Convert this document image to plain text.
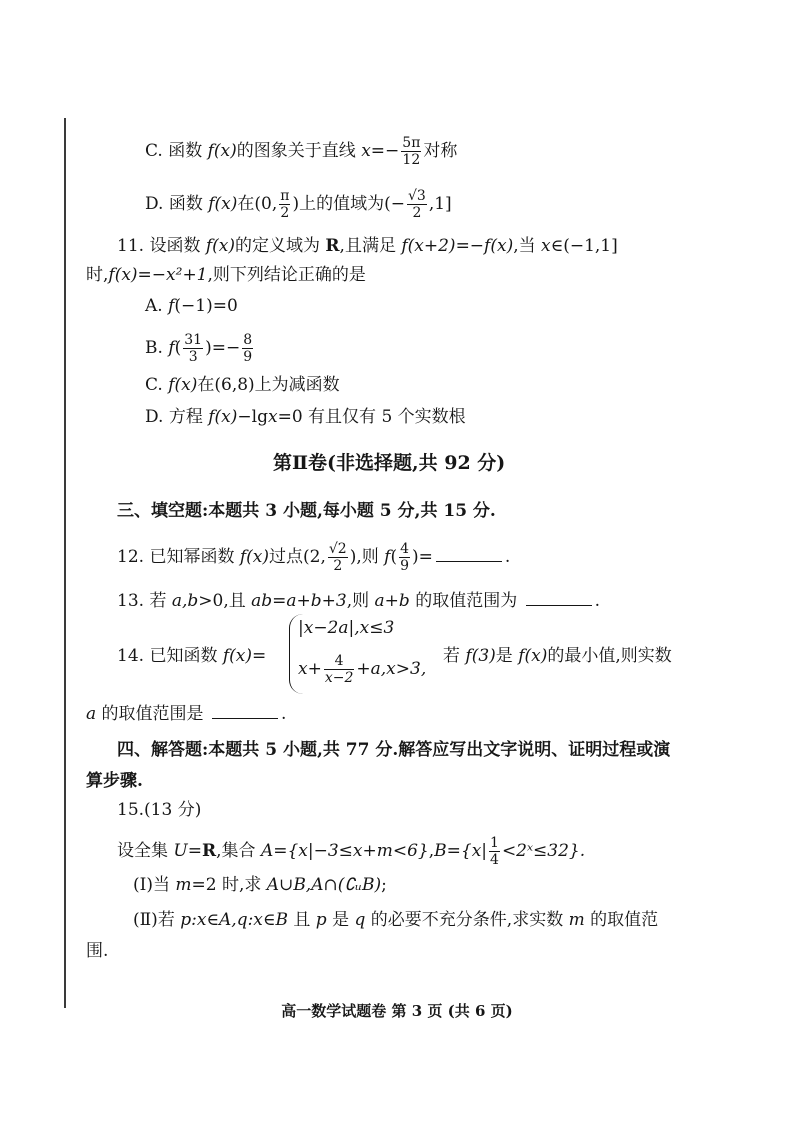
C. 函数 f(x)的图象关于直线 $x=- \frac{5\pi}{12}$ 对称
D. 函数 f(x)在(0, $\frac{\pi}{2}$ )上的值域为(− $\frac{√3}{2} ,1$]
11. 设函数 f(x)的定义域为 R,且满足 f(x+2)=−f(x),当 x∈(−1,1]
时,f(x)=−x²+1,则下列结论正确的是
A. f(−1)=0
B. $f( \frac{31}{3}$ )=− $\frac{8}{9}$
C. f(x)在(6,8)上为减函数
D. 方程 f(x)−lgx=0 有且仅有 5 个实数根
第Ⅱ卷(非选择题,共 92 分)
三、填空题:本题共 3 小题,每小题 5 分,共 15 分.
12. 已知幂函数 f(x)过点(2, $\frac{√2}{2}$ ),则 $f( \frac{4}{9}$ )=	.
13. 若 a,b>0,且 ab=a+b+3,则 a+b 的取值范围为	.
14. 已知函数 f(x)=
|x−2a|,x≤3
$x+ \frac{4}{x-2} +a,x>3$,
若 f(3)是 f(x)的最小值,则实数
a 的取值范围是	.
四、解答题:本题共 5 小题,共 77 分.解答应写出文字说明、证明过程或演
算步骤.
15.(13 分)
设全集 U=R,集合 $A=\{x|-3\le x+m<6\},B=\{x| \frac{1}{4}$ <2ˣ≤32}.
(Ⅰ)当 m=2 时,求 A∪B,A∩(∁ᵤB);
(Ⅱ)若 p:x∈A,q:x∈B 且 p 是 q 的必要不充分条件,求实数 m 的取值范
围.
高一数学试题卷 第 3 页 (共 6 页)
